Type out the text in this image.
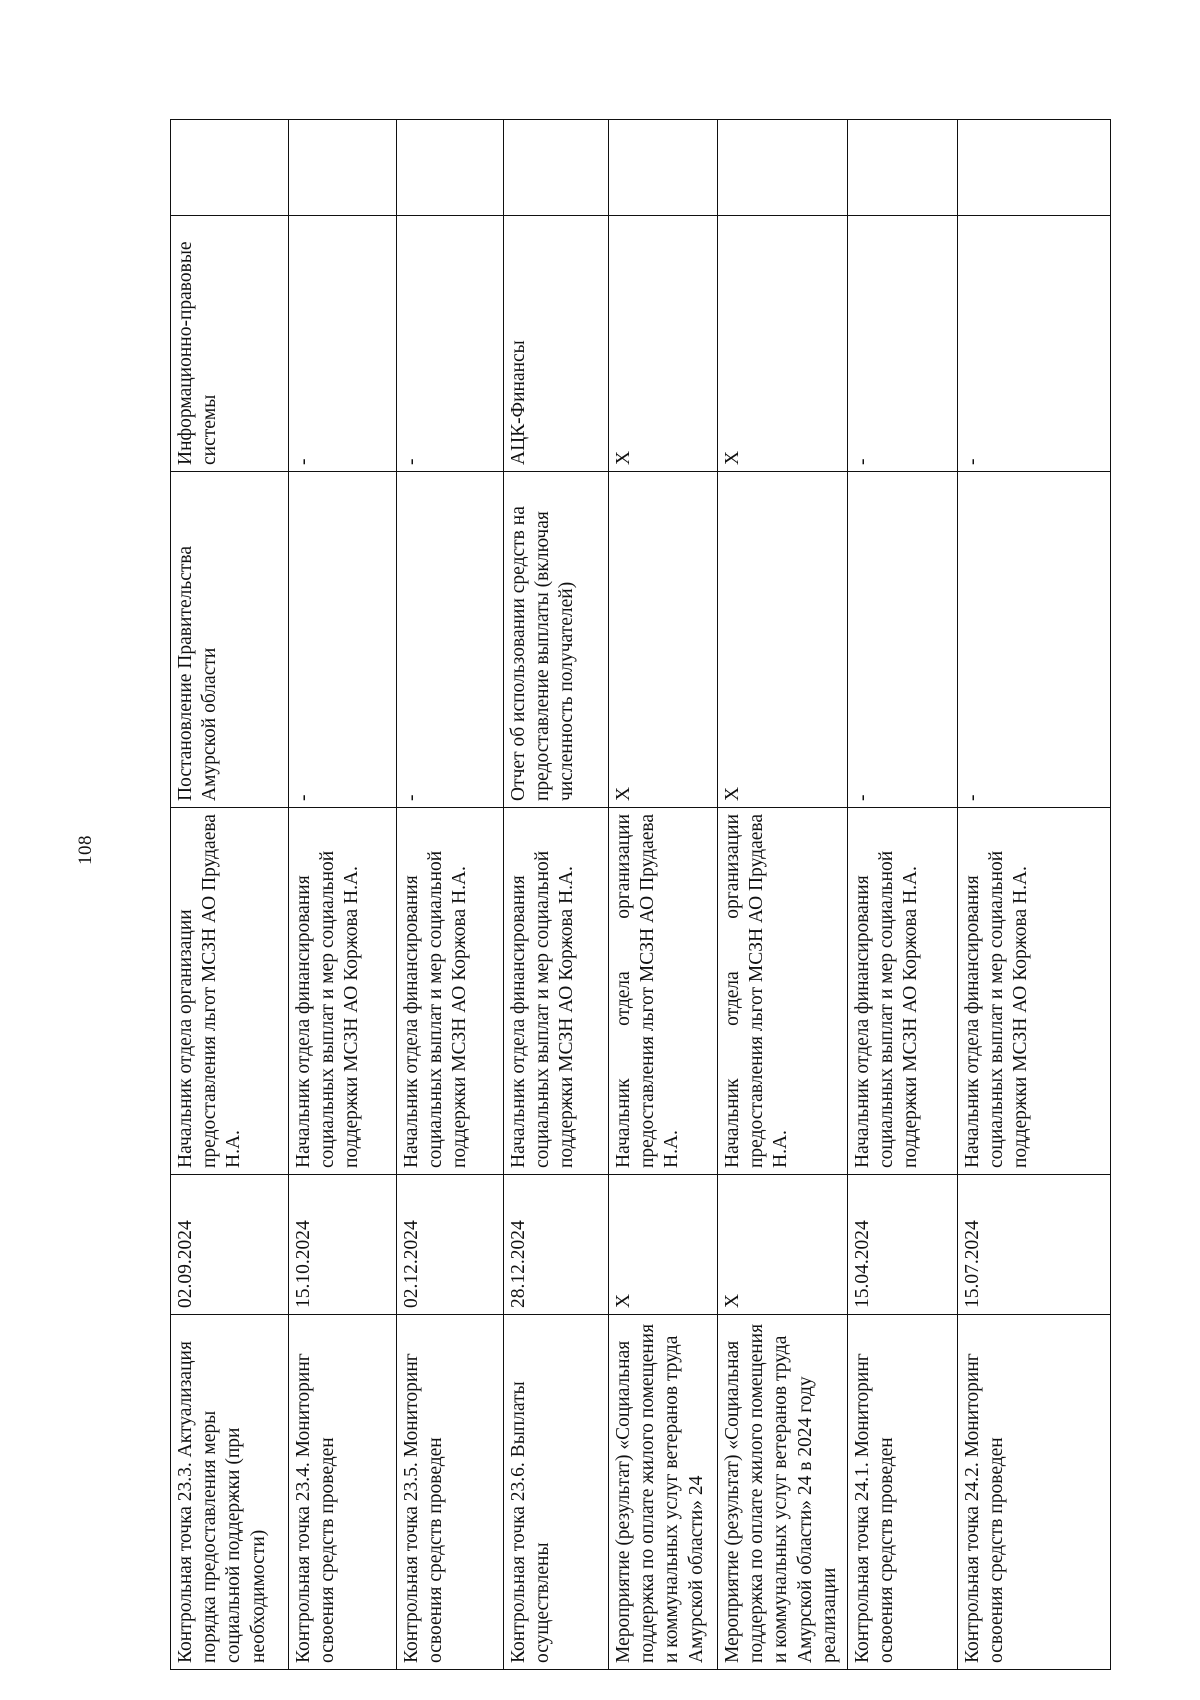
108
Контрольная точка 23.3. Актуализация порядка предоставления меры социальной поддержки (при необходимости)	02.09.2024	Начальник отдела организации предоставления льгот МСЗН АО Прудаева Н.А.	Постановление Правительства Амурской области	Информационно-правовые системы	
Контрольная точка 23.4. Мониторинг освоения средств проведен	15.10.2024	Начальник отдела финансирования социальных выплат и мер социальной поддержки МСЗН АО Коржова Н.А.	-	-	
Контрольная точка 23.5. Мониторинг освоения средств проведен	02.12.2024	Начальник отдела финансирования социальных выплат и мер социальной поддержки МСЗН АО Коржова Н.А.	-	-	
Контрольная точка 23.6. Выплаты осуществлены	28.12.2024	Начальник отдела финансирования социальных выплат и мер социальной поддержки МСЗН АО Коржова Н.А.	Отчет об использовании средств на предоставление выплаты (включая численность получателей)	АЦК-Финансы	
Мероприятие (результат) «Социальная поддержка по оплате жилого помещения и коммунальных услуг ветеранов труда Амурской области» 24	Х	Начальник отдела организации предоставления льгот МСЗН АО Прудаева Н.А.	Х	Х	
Мероприятие (результат) «Социальная поддержка по оплате жилого помещения и коммунальных услуг ветеранов труда Амурской области» 24 в 2024 году реализации	Х	Начальник отдела организации предоставления льгот МСЗН АО Прудаева Н.А.	Х	Х	
Контрольная точка 24.1. Мониторинг освоения средств проведен	15.04.2024	Начальник отдела финансирования социальных выплат и мер социальной поддержки МСЗН АО Коржова Н.А.	-	-	
Контрольная точка 24.2. Мониторинг освоения средств проведен	15.07.2024	Начальник отдела финансирования социальных выплат и мер социальной поддержки МСЗН АО Коржова Н.А.	-	-	
